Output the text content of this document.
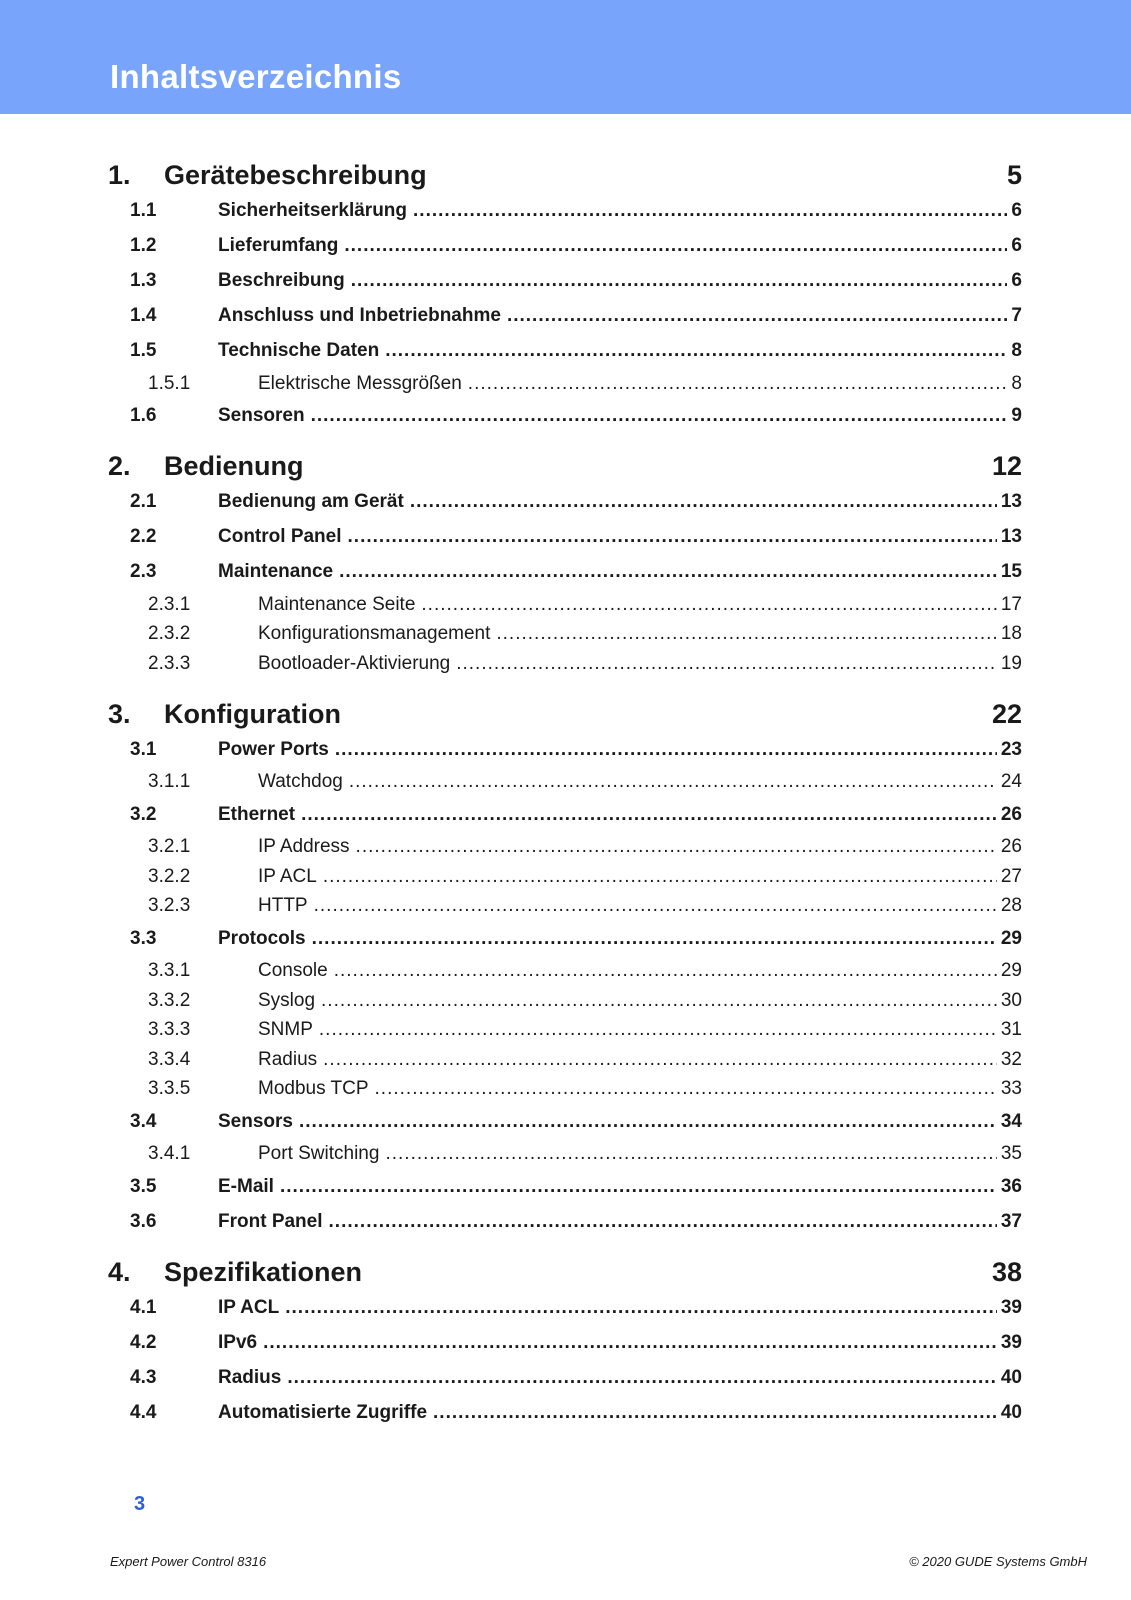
Inhaltsverzeichnis
1.	Gerätebeschreibung	5
1.1	Sicherheitserklärung .....	6
1.2	Lieferumfang .....	6
1.3	Beschreibung .....	6
1.4	Anschluss und Inbetriebnahme .....	7
1.5	Technische Daten .....	8
1.5.1	Elektrische Messgrößen .....	8
1.6	Sensoren .....	9
2.	Bedienung	12
2.1	Bedienung am Gerät .....	13
2.2	Control Panel .....	13
2.3	Maintenance .....	15
2.3.1	Maintenance Seite .....	17
2.3.2	Konfigurationsmanagement .....	18
2.3.3	Bootloader-Aktivierung .....	19
3.	Konfiguration	22
3.1	Power Ports .....	23
3.1.1	Watchdog .....	24
3.2	Ethernet .....	26
3.2.1	IP Address .....	26
3.2.2	IP ACL .....	27
3.2.3	HTTP .....	28
3.3	Protocols .....	29
3.3.1	Console .....	29
3.3.2	Syslog .....	30
3.3.3	SNMP .....	31
3.3.4	Radius .....	32
3.3.5	Modbus TCP .....	33
3.4	Sensors .....	34
3.4.1	Port Switching .....	35
3.5	E-Mail .....	36
3.6	Front Panel .....	37
4.	Spezifikationen	38
4.1	IP ACL .....	39
4.2	IPv6 .....	39
4.3	Radius .....	40
4.4	Automatisierte Zugriffe .....	40
3
Expert Power Control 8316	© 2020 GUDE Systems GmbH
